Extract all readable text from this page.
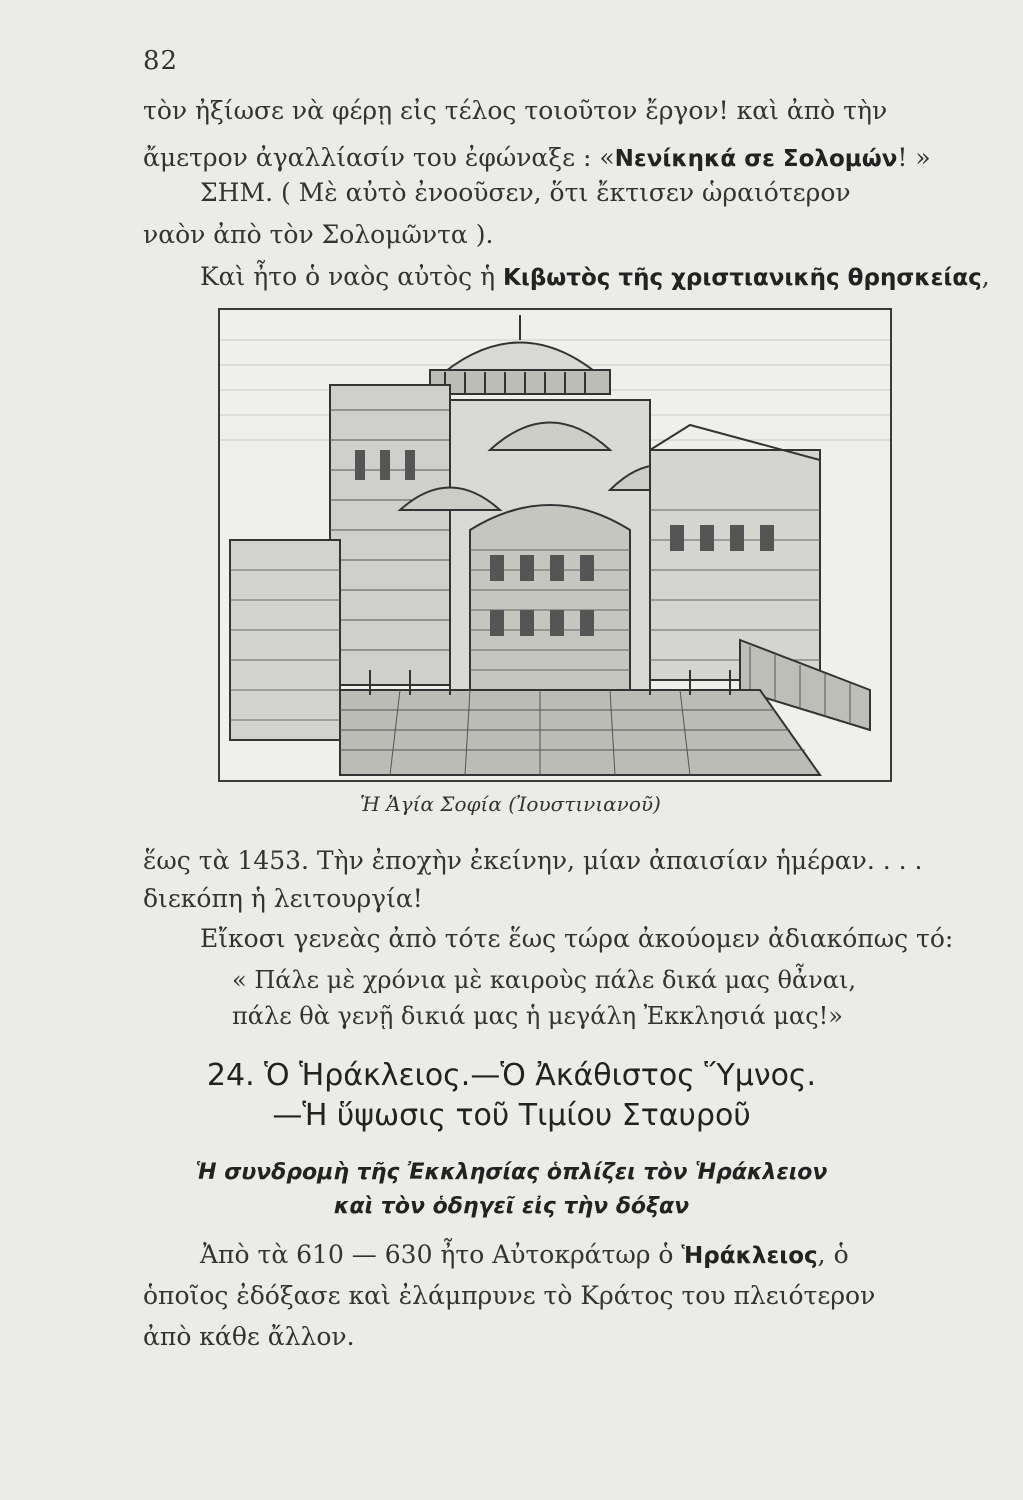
82
τὸν ἠξίωσε νὰ φέρῃ εἰς τέλος τοιοῦτον ἔργον! καὶ ἀπὸ τὴν
ἄμετρον ἀγαλλίασίν του ἐφώναξε : «Νενίκηκά σε Σολομών! »
ΣΗΜ. ( Μὲ αὐτὸ ἐνοοῦσεν, ὅτι ἔκτισεν ὡραιότερον
ναὸν ἀπὸ τὸν Σολομῶντα ).
Καὶ ἦτο ὁ ναὸς αὐτὸς ἡ Κιβωτὸς τῆς χριστιανικῆς θρησκείας,
Ἡ Ἁγία Σοφία (Ἰουστινιανοῦ)
ἕως τὰ 1453. Τὴν ἐποχὴν ἐκείνην, μίαν ἀπαισίαν ἡμέραν. . . .
διεκόπη ἡ λειτουργία!
Εἴκοσι γενεὰς ἀπὸ τότε ἕως τώρα ἀκούομεν ἀδιακόπως τό:
« Πάλε μὲ χρόνια μὲ καιροὺς πάλε δικά μας θἆναι,
πάλε θὰ γενῇ δικιά μας ἡ μεγάλη Ἐκκλησιά μας!»
24. Ὁ Ἡράκλειος.—Ὁ Ἀκάθιστος Ὕμνος.
—Ἡ ὕψωσις τοῦ Τιμίου Σταυροῦ
Ἡ συνδρομὴ τῆς Ἐκκλησίας ὁπλίζει τὸν Ἡράκλειον
καὶ τὸν ὁδηγεῖ εἰς τὴν δόξαν
Ἀπὸ τὰ 610 — 630 ἦτο Αὐτοκράτωρ ὁ Ἡράκλειος, ὁ
ὁποῖος ἐδόξασε καὶ ἐλάμπρυνε τὸ Κράτος του πλειότερον
ἀπὸ κάθε ἄλλον.
